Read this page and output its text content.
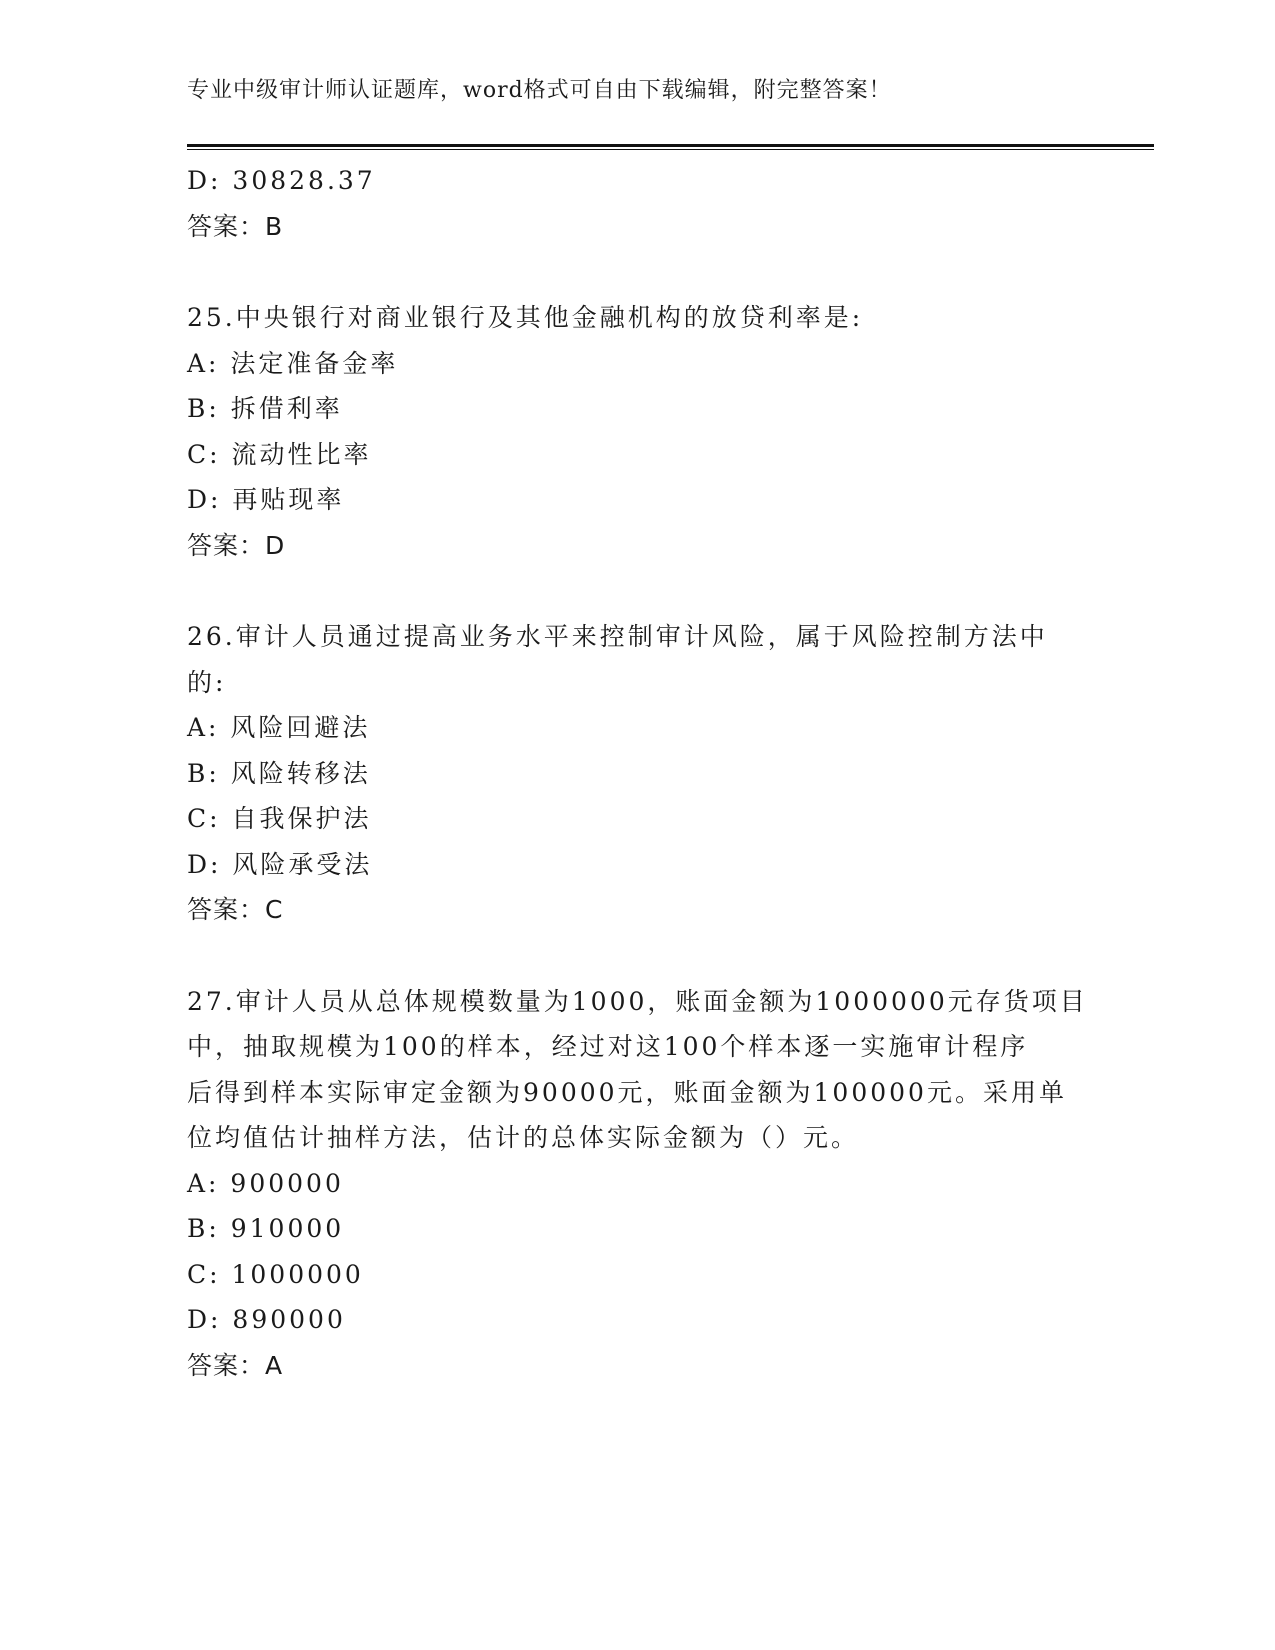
专业中级审计师认证题库，word格式可自由下载编辑，附完整答案！
D: 30828.37
答案：B
25.中央银行对商业银行及其他金融机构的放贷利率是:
A: 法定准备金率
B: 拆借利率
C: 流动性比率
D: 再贴现率
答案：D
26.审计人员通过提高业务水平来控制审计风险，属于风险控制方法中
的:
A: 风险回避法
B: 风险转移法
C: 自我保护法
D: 风险承受法
答案：C
27.审计人员从总体规模数量为1000，账面金额为1000000元存货项目
中，抽取规模为100的样本，经过对这100个样本逐一实施审计程序
后得到样本实际审定金额为90000元，账面金额为100000元。采用单
位均值估计抽样方法，估计的总体实际金额为（）元。
A: 900000
B: 910000
C: 1000000
D: 890000
答案：A
